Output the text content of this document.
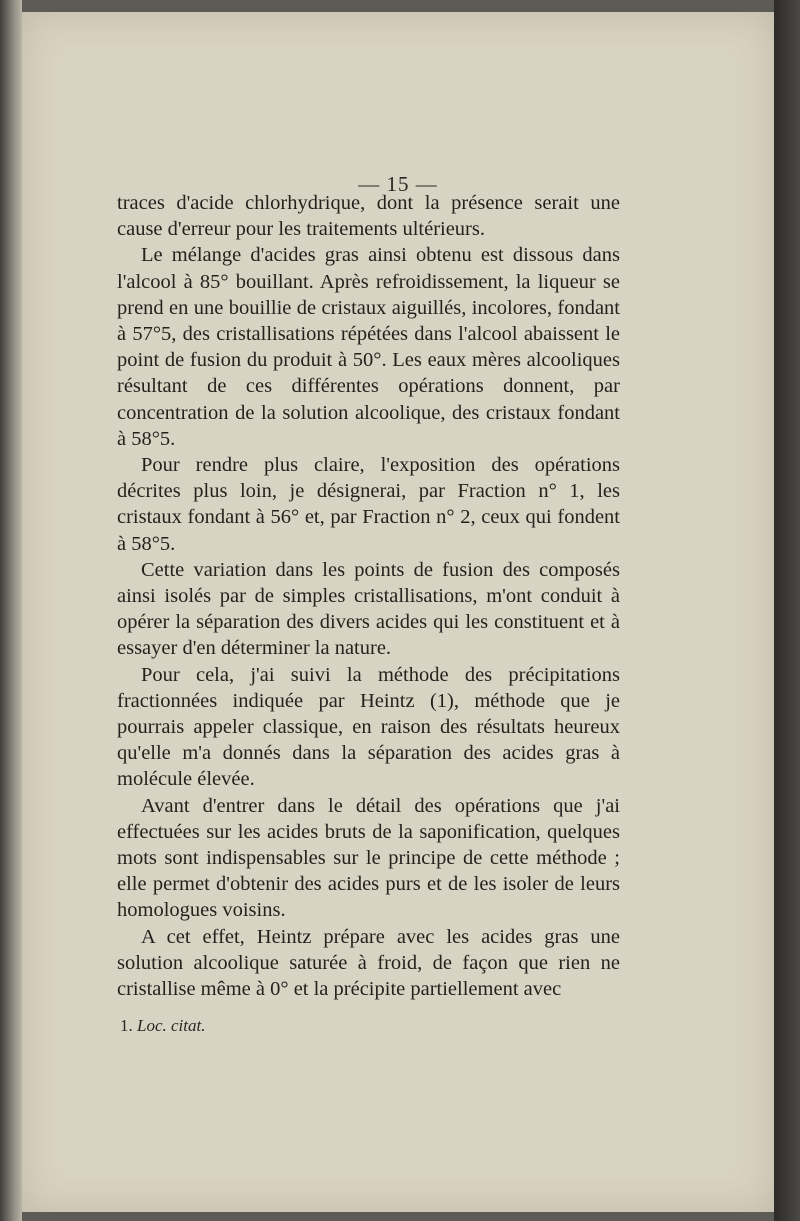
— 15 —

traces d'acide chlorhydrique, dont la présence serait une cause d'erreur pour les traitements ultérieurs.

Le mélange d'acides gras ainsi obtenu est dissous dans l'alcool à 85° bouillant. Après refroidissement, la liqueur se prend en une bouillie de cristaux aiguillés, incolores, fondant à 57°5, des cristallisations répétées dans l'alcool abaissent le point de fusion du produit à 50°. Les eaux mères alcooliques résultant de ces différentes opérations donnent, par concentration de la solution alcoolique, des cristaux fondant à 58°5.

Pour rendre plus claire, l'exposition des opérations décrites plus loin, je désignerai, par Fraction n° 1, les cristaux fondant à 56° et, par Fraction n° 2, ceux qui fondent à 58°5.

Cette variation dans les points de fusion des composés ainsi isolés par de simples cristallisations, m'ont conduit à opérer la séparation des divers acides qui les constituent et à essayer d'en déterminer la nature.

Pour cela, j'ai suivi la méthode des précipitations fractionnées indiquée par Heintz (1), méthode que je pourrais appeler classique, en raison des résultats heureux qu'elle m'a donnés dans la séparation des acides gras à molécule élevée.

Avant d'entrer dans le détail des opérations que j'ai effectuées sur les acides bruts de la saponification, quelques mots sont indispensables sur le principe de cette méthode ; elle permet d'obtenir des acides purs et de les isoler de leurs homologues voisins.

A cet effet, Heintz prépare avec les acides gras une solution alcoolique saturée à froid, de façon que rien ne cristallise même à 0° et la précipite partiellement avec

1. Loc. citat.
